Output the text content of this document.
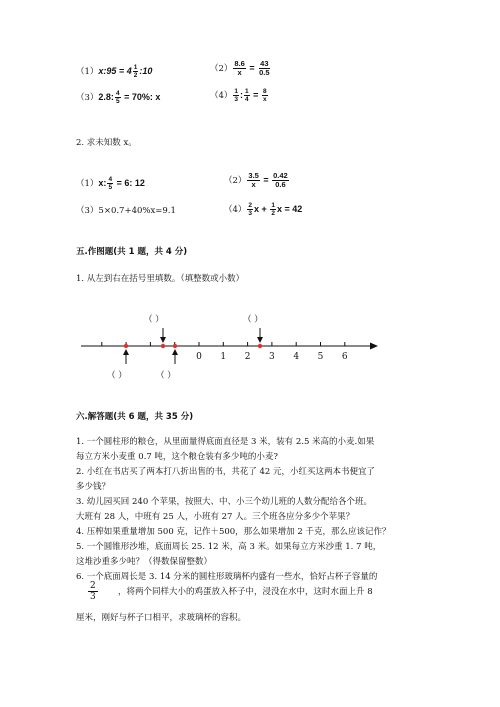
（1）x:95 = $4 \frac{1}{2}$ :10	$(2) \frac{8.6}{x} = \frac{43}{0.5}$
（3）2.8: $\frac{4}{5} = 70\%$: x	$(4) \frac{1}{3}$ : $\frac{1}{4} = \frac{8}{x}$
2. 求未知数 x。
（1）x: $\frac{4}{5} = 6$: 12	$(2) \frac{3.5}{x} = \frac{0.42}{0.6}$
（3）5×0.7+40%x=9.1	$(4) \frac{2}{3}$ $x + \frac{1}{2}$ x = 42
五.作图题(共 1 题，共 4 分)
1. 从左到右在括号里填数。（填整数或小数）
（ ）	（ ）
（ ）	（ ）
0 1 2 3 4 5 6
六.解答题(共 6 题，共 35 分)
1. 一个圆柱形的粮仓，从里面量得底面直径是 3 米，装有 2.5 米高的小麦.如果
每立方米小麦重 0.7 吨，这个粮仓装有多少吨的小麦?
2. 小红在书店买了两本打八折出售的书，共花了 42 元，小红买这两本书便宜了
多少钱？
3. 幼儿园买回 240 个苹果，按照大、中、小三个幼儿班的人数分配给各个班。
大班有 28 人，中班有 25 人，小班有 27 人。三个班各应分多少个苹果？
4. 压榨如果重量增加 500 克，记作＋500，那么如果增加 2 千克，那么应该记作？
5. 一个圆锥形沙堆，底面周长 25. 12 米，高 3 米。如果每立方米沙重 1. 7 吨，
这堆沙重多少吨？（得数保留整数）
6. 一个底面周长是 3. 14 分米的圆柱形玻璃杯内盛有一些水，恰好占杯子容量的
2
3	，将两个同样大小的鸡蛋放入杯子中，浸没在水中，这时水面上升 8
厘米，刚好与杯子口相平，求玻璃杯的容积。
